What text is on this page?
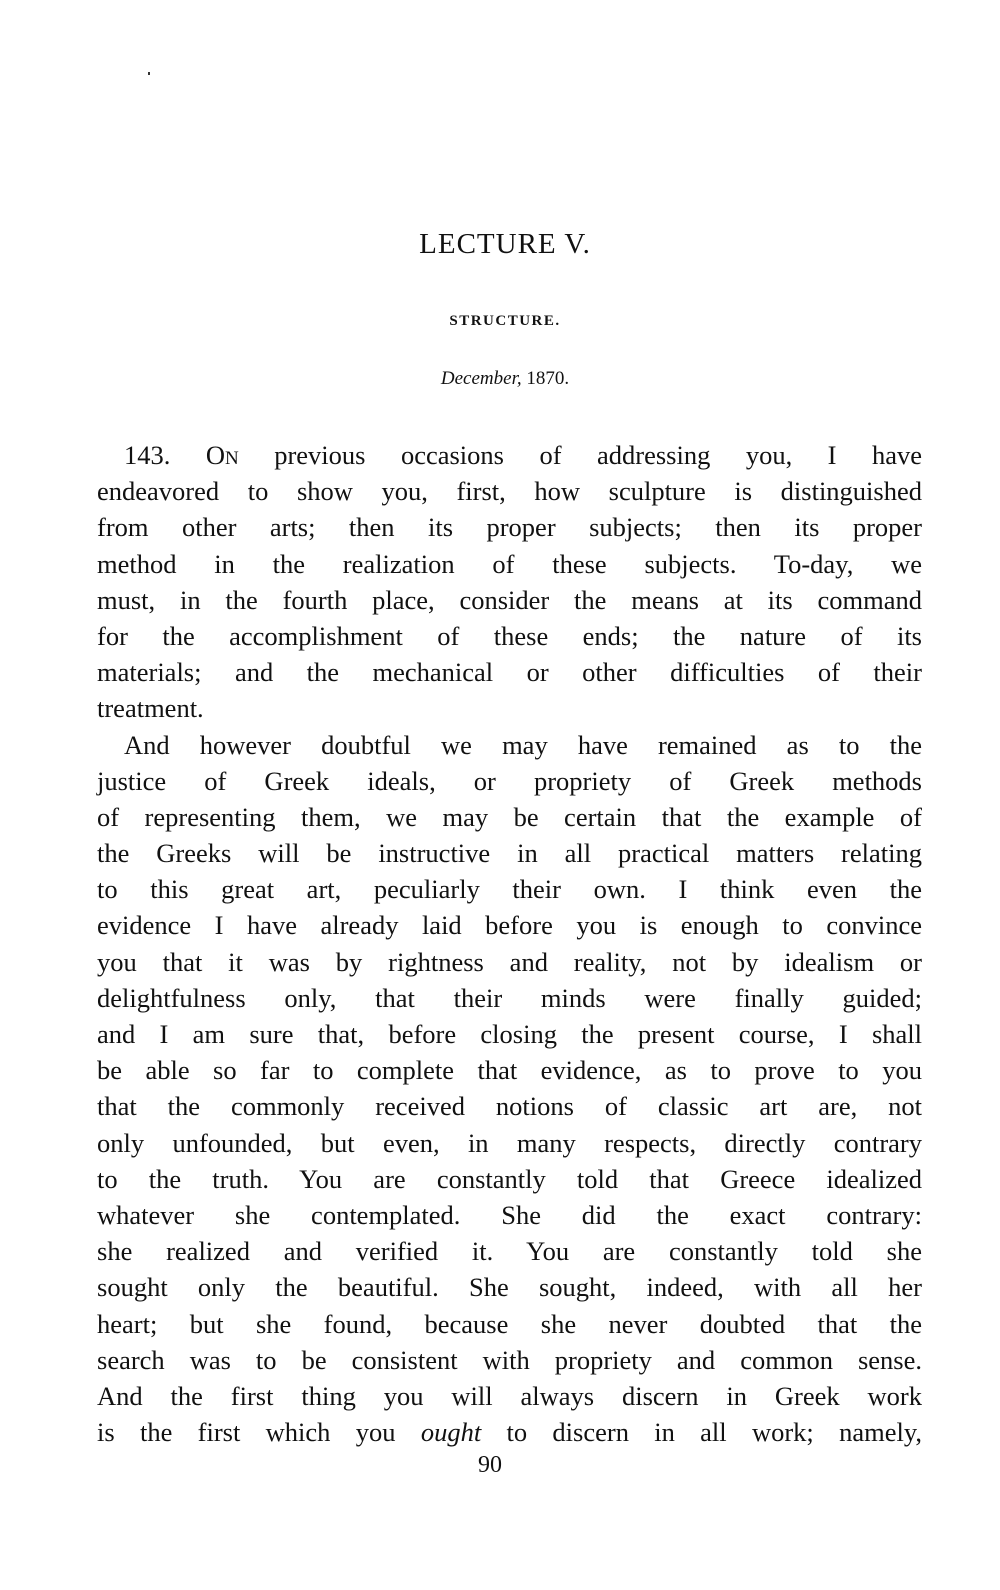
LECTURE V.
STRUCTURE.
December, 1870.
143. On previous occasions of addressing you, I have
endeavored to show you, first, how sculpture is distinguished
from other arts; then its proper subjects; then its proper
method in the realization of these subjects. To-day, we
must, in the fourth place, consider the means at its command
for the accomplishment of these ends; the nature of its
materials; and the mechanical or other difficulties of their
treatment.
And however doubtful we may have remained as to the
justice of Greek ideals, or propriety of Greek methods
of representing them, we may be certain that the example of
the Greeks will be instructive in all practical matters relating
to this great art, peculiarly their own. I think even the
evidence I have already laid before you is enough to convince
you that it was by rightness and reality, not by idealism or
delightfulness only, that their minds were finally guided;
and I am sure that, before closing the present course, I shall
be able so far to complete that evidence, as to prove to you
that the commonly received notions of classic art are, not
only unfounded, but even, in many respects, directly contrary
to the truth. You are constantly told that Greece idealized
whatever she contemplated. She did the exact contrary:
she realized and verified it. You are constantly told she
sought only the beautiful. She sought, indeed, with all her
heart; but she found, because she never doubted that the
search was to be consistent with propriety and common sense.
And the first thing you will always discern in Greek work
is the first which you ought to discern in all work; namely,
90
